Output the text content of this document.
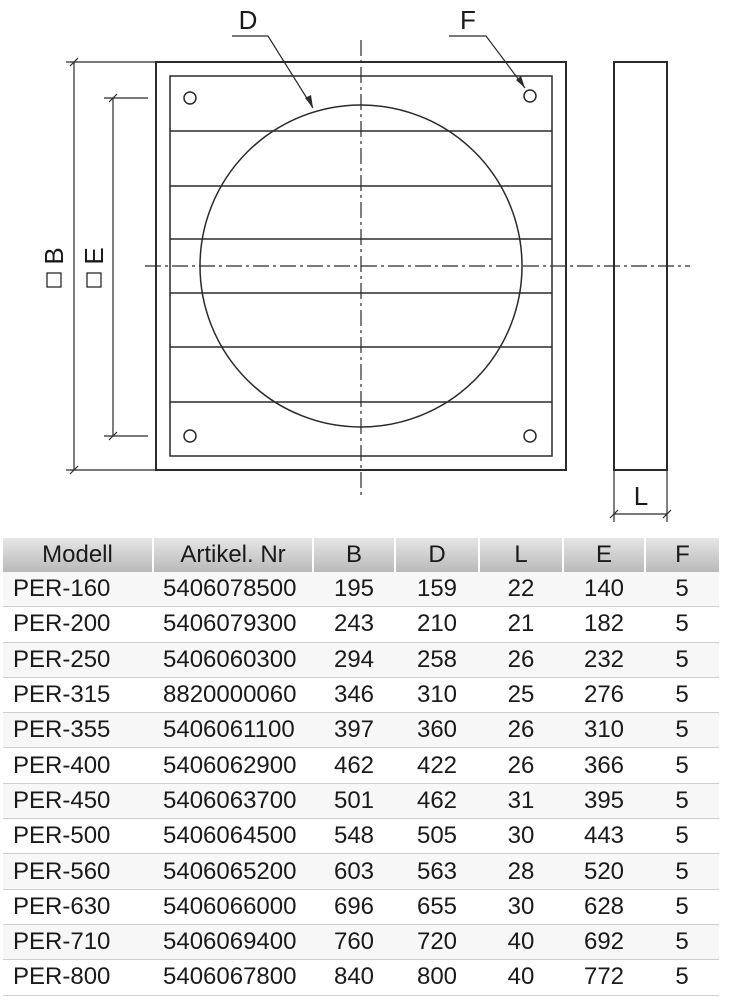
B E
D	F
L
Modell	Artikel. Nr	B	D	L	E	F
PER-160	5406078500	195	159	22	140	5
PER-200	5406079300	243	210	21	182	5
PER-250	5406060300	294	258	26	232	5
PER-315	8820000060	346	310	25	276	5
PER-355	5406061100	397	360	26	310	5
PER-400	5406062900	462	422	26	366	5
PER-450	5406063700	501	462	31	395	5
PER-500	5406064500	548	505	30	443	5
PER-560	5406065200	603	563	28	520	5
PER-630	5406066000	696	655	30	628	5
PER-710	5406069400	760	720	40	692	5
PER-800	5406067800	840	800	40	772	5
